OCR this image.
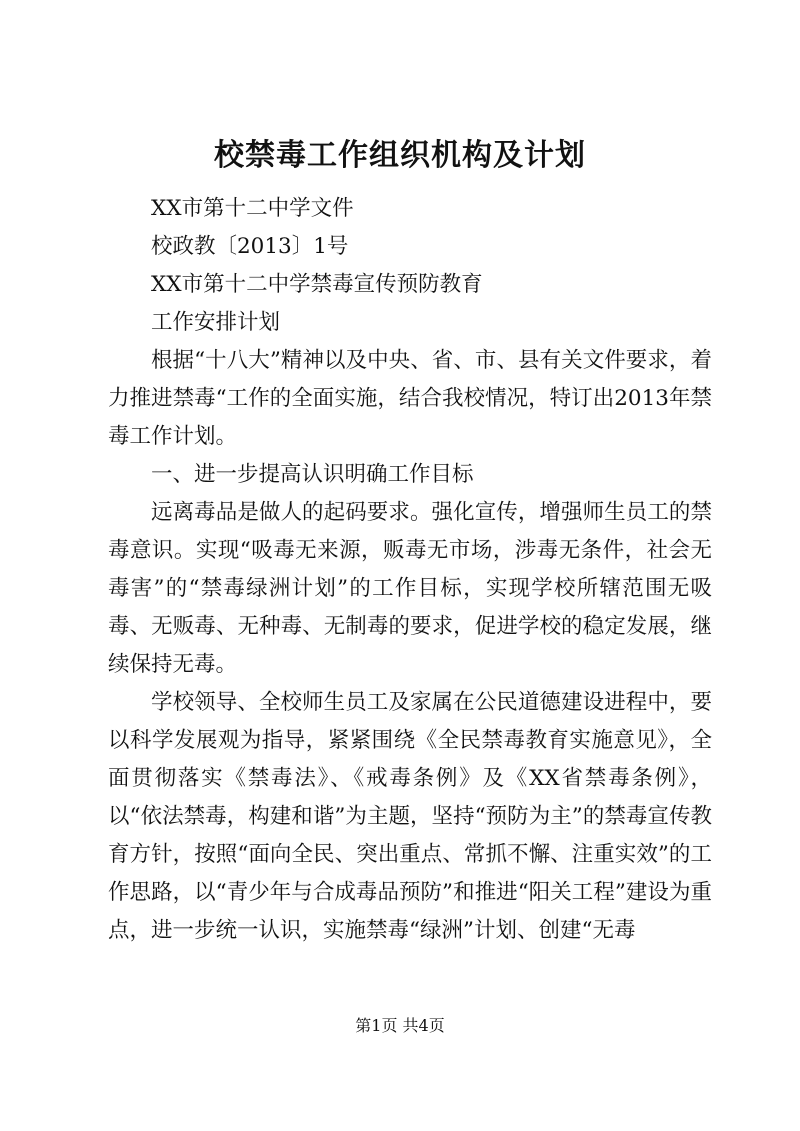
校禁毒工作组织机构及计划

XX市第十二中学文件

校政教〔2013〕1号

XX市第十二中学禁毒宣传预防教育

工作安排计划

根据“十八大”精神以及中央、省、市、县有关文件要求，着力推进禁毒“工作的全面实施，结合我校情况，特订出2013年禁毒工作计划。

一、进一步提高认识明确工作目标

远离毒品是做人的起码要求。强化宣传，增强师生员工的禁毒意识。实现“吸毒无来源，贩毒无市场，涉毒无条件，社会无毒害”的“禁毒绿洲计划”的工作目标，实现学校所辖范围无吸毒、无贩毒、无种毒、无制毒的要求，促进学校的稳定发展，继续保持无毒。

学校领导、全校师生员工及家属在公民道德建设进程中，要以科学发展观为指导，紧紧围绕《全民禁毒教育实施意见》，全面贯彻落实《禁毒法》、《戒毒条例》及《XX省禁毒条例》，以“依法禁毒，构建和谐”为主题，坚持“预防为主”的禁毒宣传教育方针，按照“面向全民、突出重点、常抓不懈、注重实效”的工作思路，以“青少年与合成毒品预防”和推进“阳关工程”建设为重点，进一步统一认识，实施禁毒“绿洲”计划、创建“无毒

第1页 共4页
